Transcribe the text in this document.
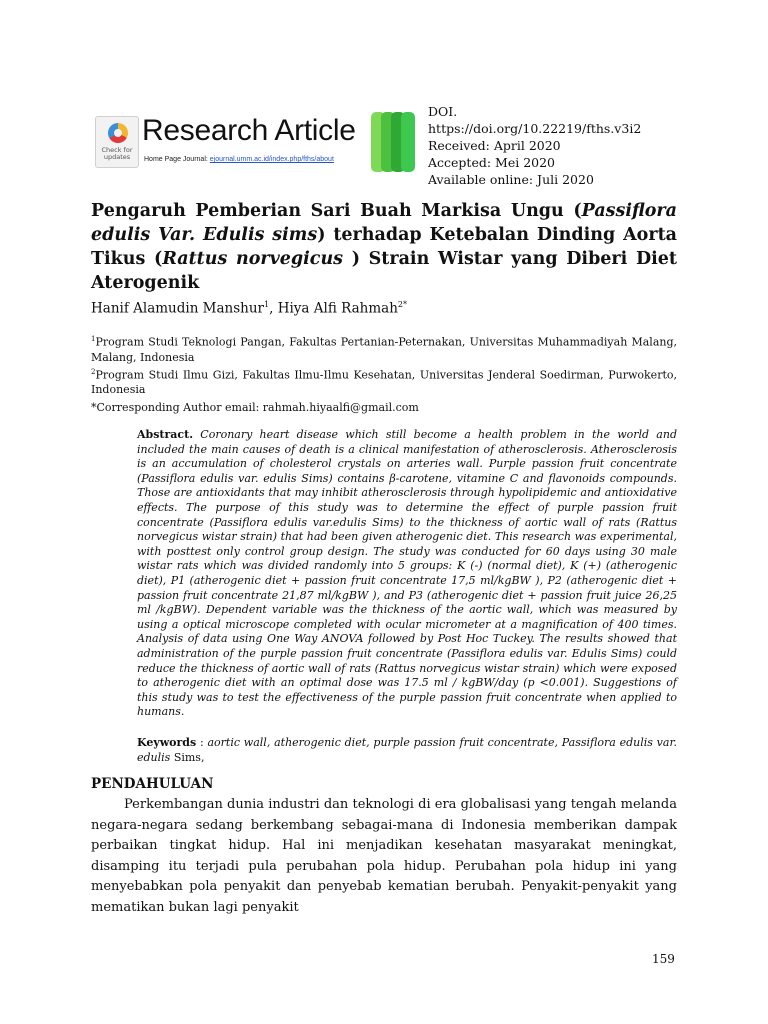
Check for updates
Research Article
Home Page Journal: ejournal.umm.ac.id/index.php/fths/about
DOI.
https://doi.org/10.22219/fths.v3i2
Received: April 2020
Accepted: Mei 2020
Available online: Juli 2020
Pengaruh Pemberian Sari Buah Markisa Ungu (Passiflora edulis Var. Edulis sims) terhadap Ketebalan Dinding Aorta Tikus (Rattus norvegicus ) Strain Wistar yang Diberi Diet Aterogenik
Hanif Alamudin Manshur$^1$, Hiya Alfi Rahmah$^{2*}$
$^1$Program Studi Teknologi Pangan, Fakultas Pertanian-Peternakan, Universitas Muhammadiyah Malang, Malang, Indonesia
$^2$Program Studi Ilmu Gizi, Fakultas Ilmu-Ilmu Kesehatan, Universitas Jenderal Soedirman, Purwokerto, Indonesia
*Corresponding Author email: rahmah.hiyaalfi@gmail.com
Abstract. Coronary heart disease which still become a health problem in the world and included the main causes of death is a clinical manifestation of atherosclerosis. Atherosclerosis is an accumulation of cholesterol crystals on arteries wall. Purple passion fruit concentrate (Passiflora edulis var. edulis Sims) contains β-carotene, vitamine C and flavonoids compounds. Those are antioxidants that may inhibit atherosclerosis through hypolipidemic and antioxidative effects. The purpose of this study was to determine the effect of purple passion fruit concentrate (Passiflora edulis var.edulis Sims) to the thickness of aortic wall of rats (Rattus norvegicus wistar strain) that had been given atherogenic diet. This research was experimental, with posttest only control group design. The study was conducted for 60 days using 30 male wistar rats which was divided randomly into 5 groups: K (-) (normal diet), K (+) (atherogenic diet), P1 (atherogenic diet + passion fruit concentrate 17,5 ml/kgBW ), P2 (atherogenic diet + passion fruit concentrate 21,87 ml/kgBW ), and P3 (atherogenic diet + passion fruit juice 26,25 ml /kgBW). Dependent variable was the thickness of the aortic wall, which was measured by using a optical microscope completed with ocular micrometer at a magnification of 400 times. Analysis of data using One Way ANOVA followed by Post Hoc Tuckey. The results showed that administration of the purple passion fruit concentrate (Passiflora edulis var. Edulis Sims) could reduce the thickness of aortic wall of rats (Rattus norvegicus wistar strain) which were exposed to atherogenic diet with an optimal dose was 17.5 ml / kgBW/day (p <0.001). Suggestions of this study was to test the effectiveness of the purple passion fruit concentrate when applied to humans.
Keywords : aortic wall, atherogenic diet, purple passion fruit concentrate, Passiflora edulis var. edulis Sims,
PENDAHULUAN
Perkembangan dunia industri dan teknologi di era globalisasi yang tengah melanda negara-negara sedang berkembang sebagai-mana di Indonesia memberikan dampak perbaikan tingkat hidup. Hal ini menjadikan kesehatan masyarakat meningkat, disamping itu terjadi pula perubahan pola hidup. Perubahan pola hidup ini yang menyebabkan pola penyakit dan penyebab kematian berubah. Penyakit-penyakit yang mematikan bukan lagi penyakit
159
